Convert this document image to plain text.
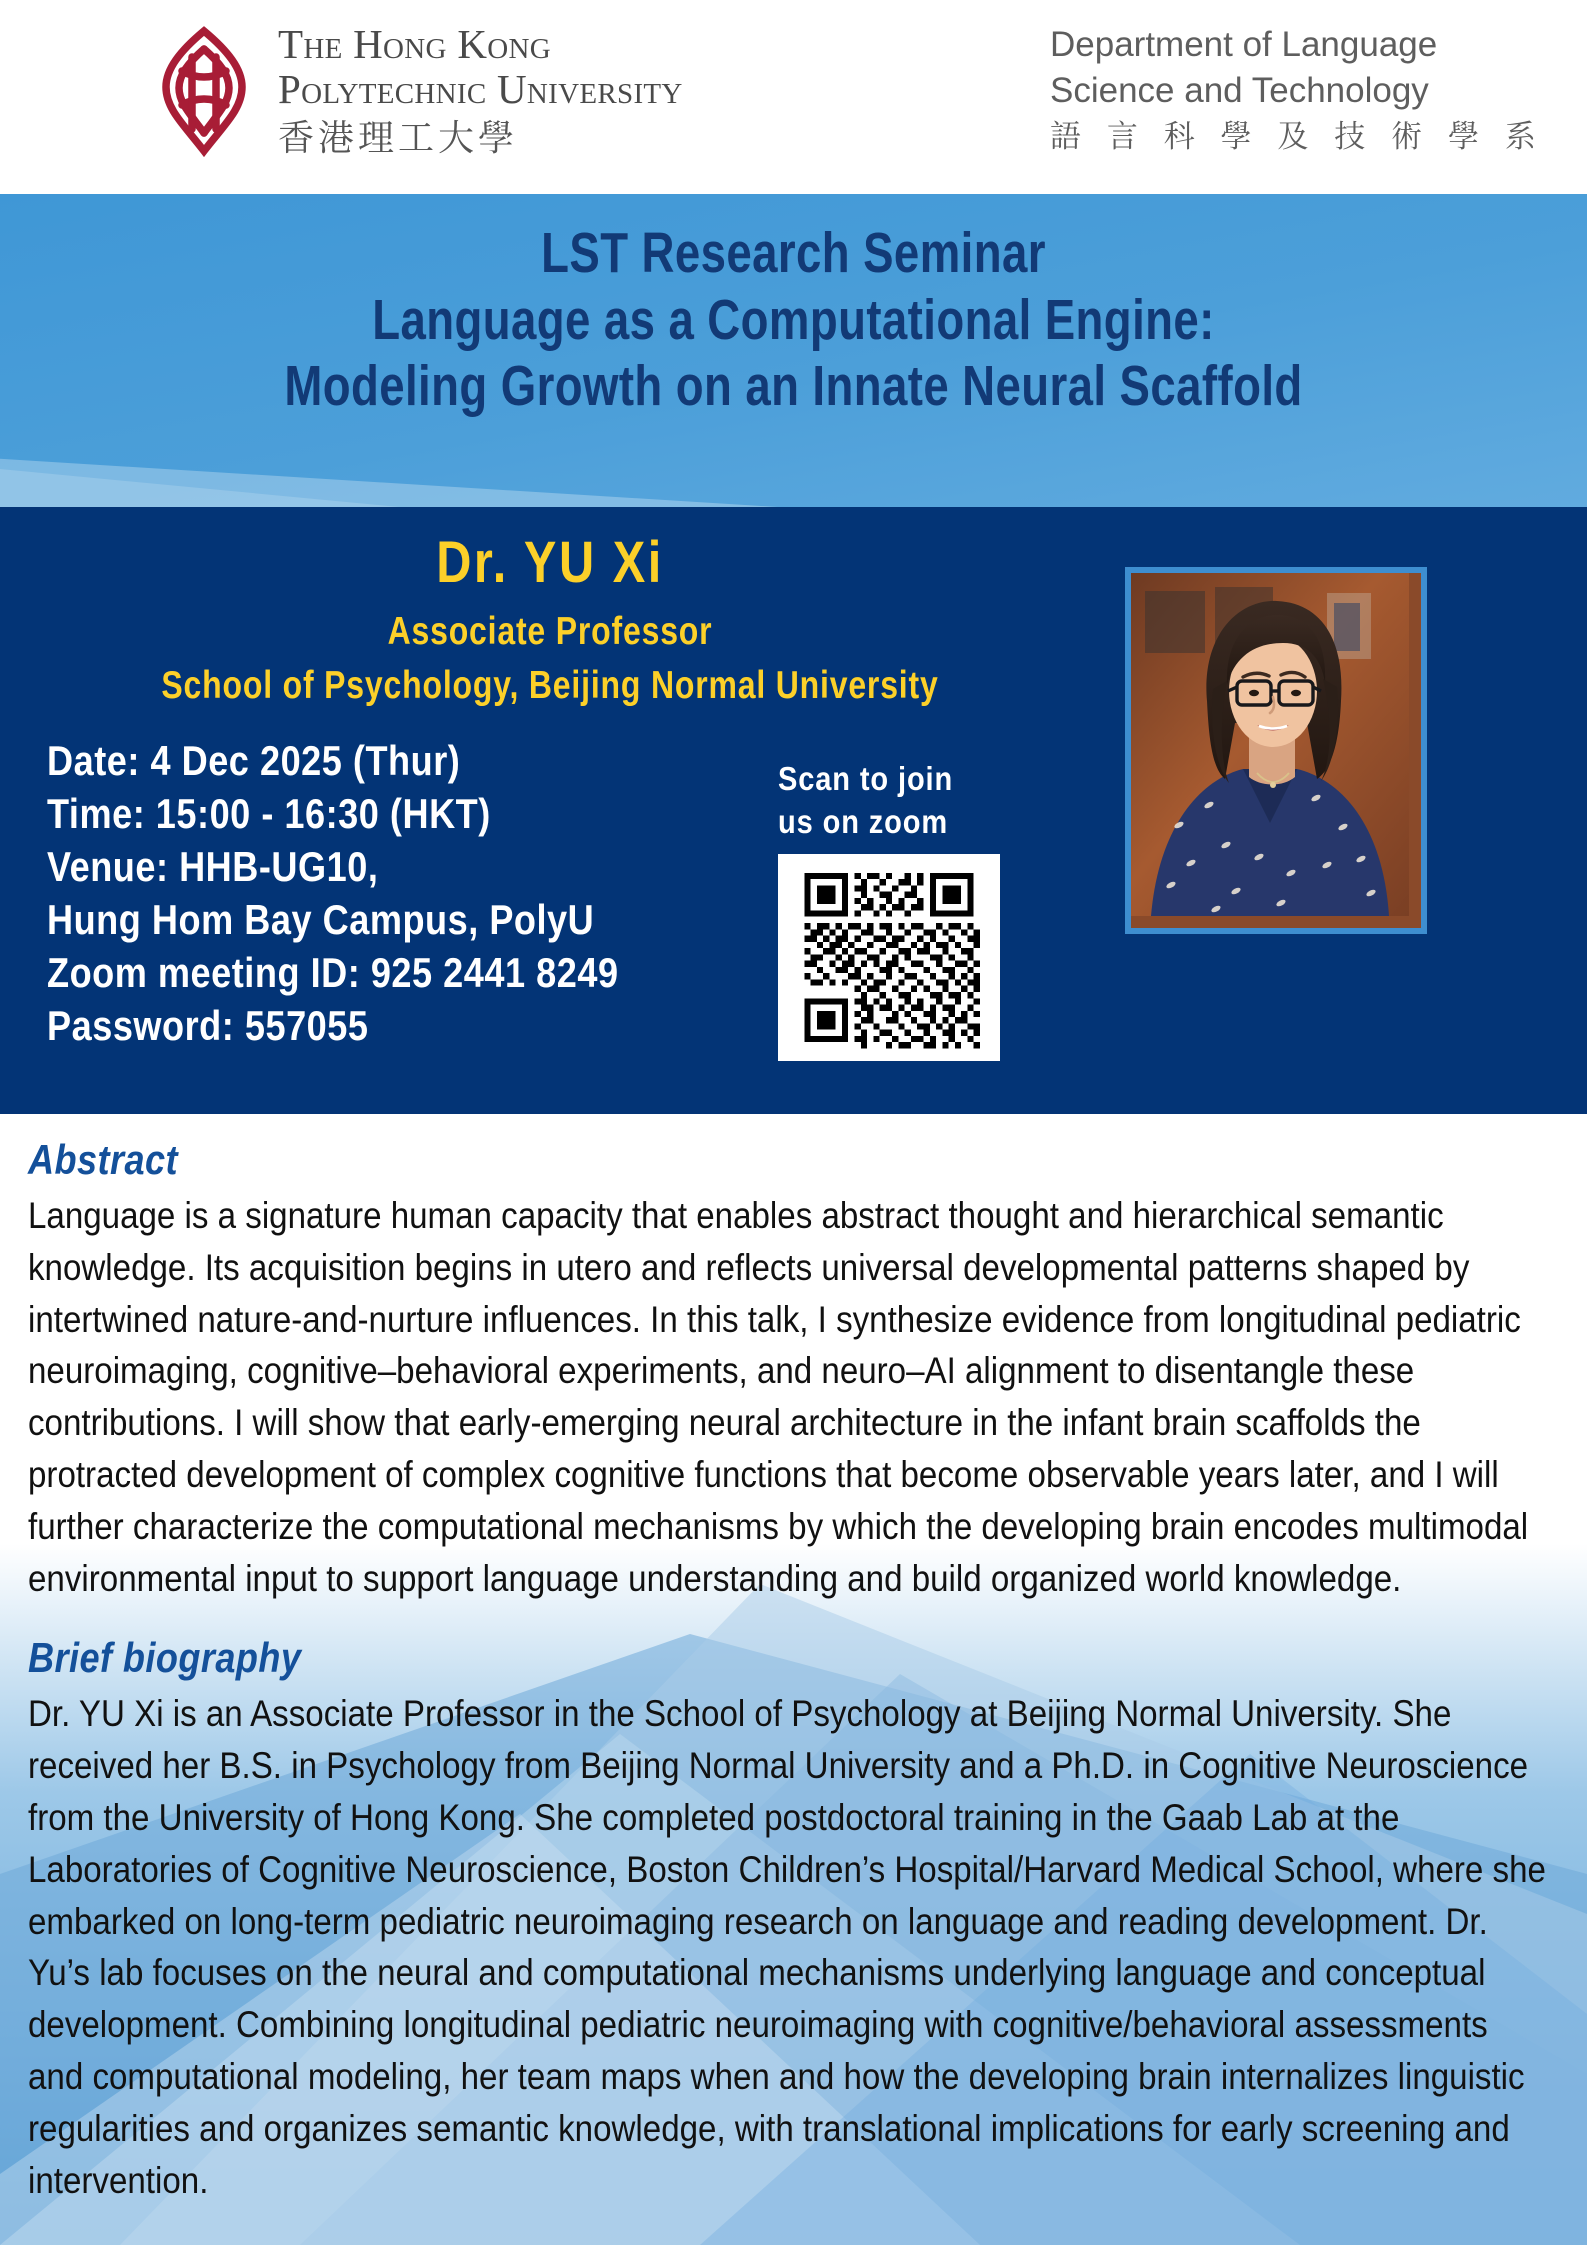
The Hong Kong
Polytechnic University
香港理工大學
Department of Language
Science and Technology
語 言 科 學 及 技 術 學 系
LST Research Seminar
Language as a Computational Engine:
Modeling Growth on an Innate Neural Scaffold
Dr. YU Xi
Associate Professor
School of Psychology, Beijing Normal University
Date: 4 Dec 2025 (Thur)
Time: 15:00 - 16:30 (HKT)
Venue: HHB-UG10,
Hung Hom Bay Campus, PolyU
Zoom meeting ID: 925 2441 8249
Password: 557055
Scan to join
us on zoom
Abstract

Language is a signature human capacity that enables abstract thought and hierarchical semantic knowledge. Its acquisition begins in utero and reflects universal developmental patterns shaped by intertwined nature-and-nurture influences. In this talk, I synthesize evidence from longitudinal pediatric neuroimaging, cognitive–behavioral experiments, and neuro–AI alignment to disentangle these contributions. I will show that early-emerging neural architecture in the infant brain scaffolds the protracted development of complex cognitive functions that become observable years later, and I will further characterize the computational mechanisms by which the developing brain encodes multimodal environmental input to support language understanding and build organized world knowledge.

Brief biography

Dr. YU Xi is an Associate Professor in the School of Psychology at Beijing Normal University. She received her B.S. in Psychology from Beijing Normal University and a Ph.D. in Cognitive Neuroscience from the University of Hong Kong. She completed postdoctoral training in the Gaab Lab at the Laboratories of Cognitive Neuroscience, Boston Children’s Hospital/Harvard Medical School, where she embarked on long-term pediatric neuroimaging research on language and reading development. Dr. Yu’s lab focuses on the neural and computational mechanisms underlying language and conceptual development. Combining longitudinal pediatric neuroimaging with cognitive/behavioral assessments and computational modeling, her team maps when and how the developing brain internalizes linguistic regularities and organizes semantic knowledge, with translational implications for early screening and intervention.
